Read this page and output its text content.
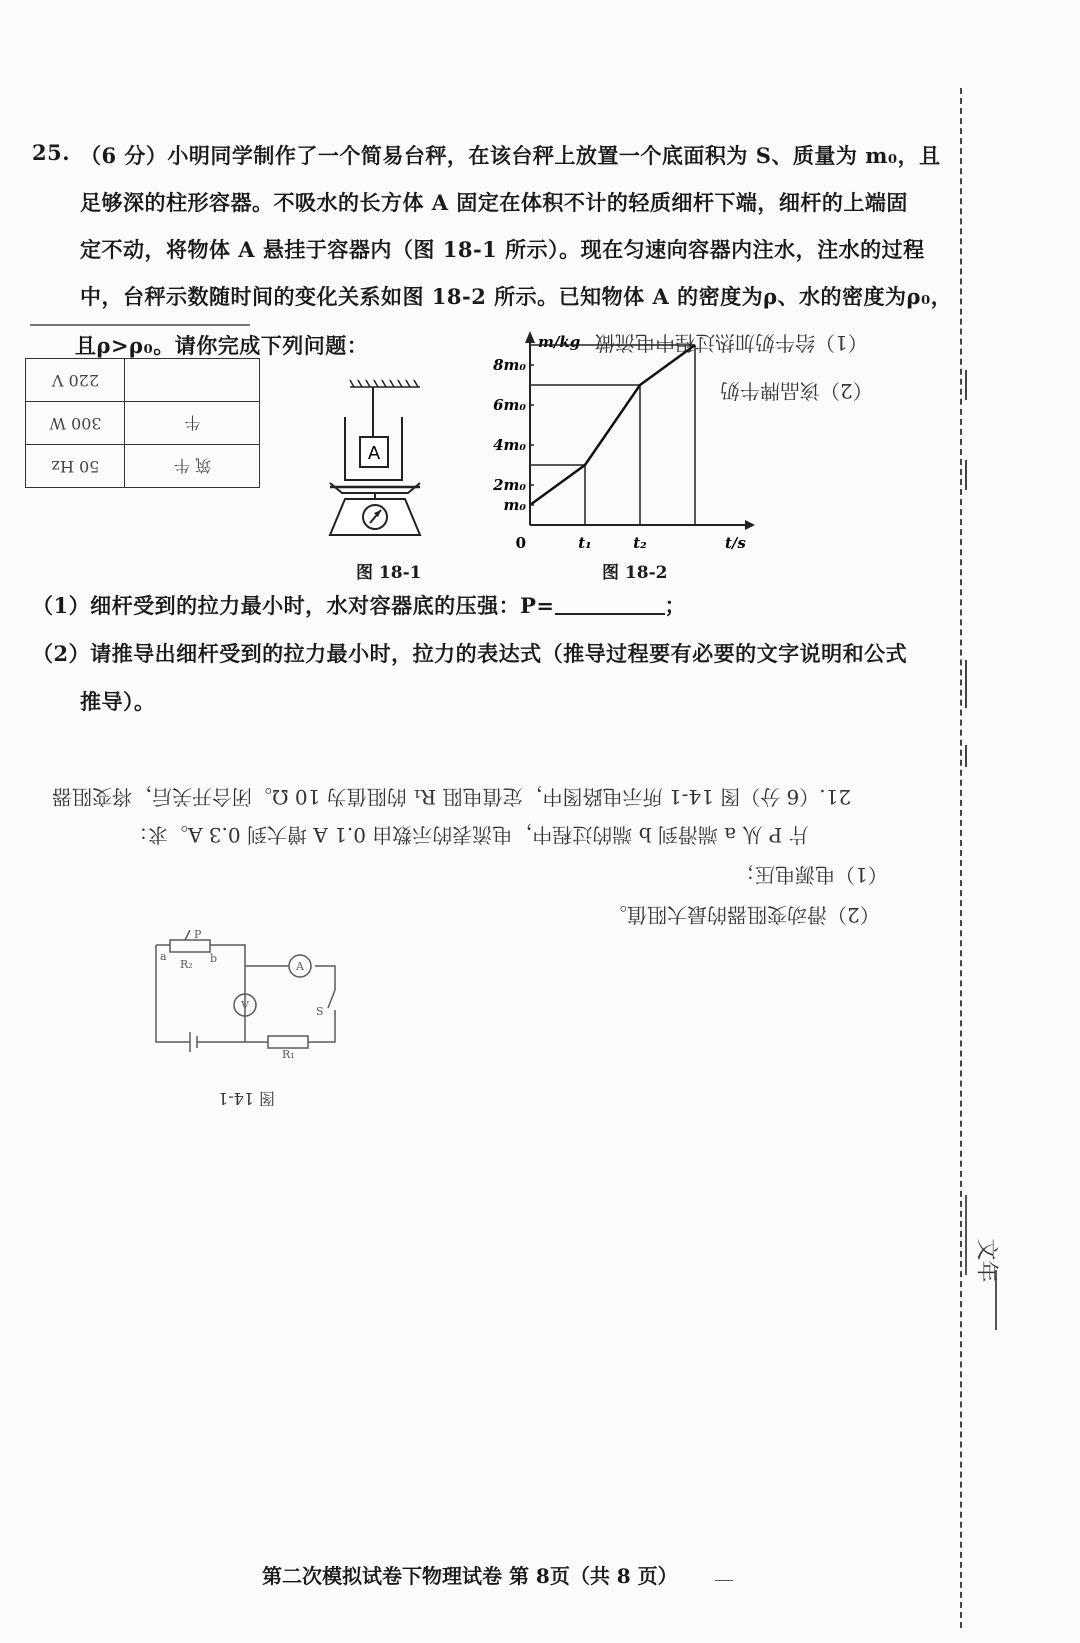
文年
25. （6 分）小明同学制作了一个简易台秤，在该台秤上放置一个底面积为 S、质量为 m₀，且
足够深的柱形容器。不吸水的长方体 A 固定在体积不计的轻质细杆下端，细杆的上端固
定不动，将物体 A 悬挂于容器内（图 18-1 所示）。现在匀速向容器内注水，注水的过程
中，台秤示数随时间的变化关系如图 18-2 所示。已知物体 A 的密度为ρ、水的密度为ρ₀，
且ρ>ρ₀。请你完成下列问题：
220 V	
300 W	牛
50 Hz	筑 牛
（1）给牛奶加热过程中电流做
（2）该品牌牛奶
A
图 18-1
m/kg
t/s
0
m₀
2m₀
4m₀
6m₀
8m₀
t₁	t₂
图 18-2
（1）细杆受到的拉力最小时，水对容器底的压强：P=	；
（2）请推导出细杆受到的拉力最小时，拉力的表达式（推导过程要有必要的文字说明和公式
推导）。
21.（6 分）图 14-1 所示电路图中，定值电阻 R₁ 的阻值为 10 Ω。闭合开关后，将变阻器
片 P 从 a 端滑到 b 端的过程中，电流表的示数由 0.1 A 增大到 0.3 A。求：
（1）电源电压；
（2）滑动变阻器的最大阻值。
P
a	b
R₂	A
V	S
R₁
图 14-1
第二次模拟试卷下物理试卷 第 8页（共 8 页）
